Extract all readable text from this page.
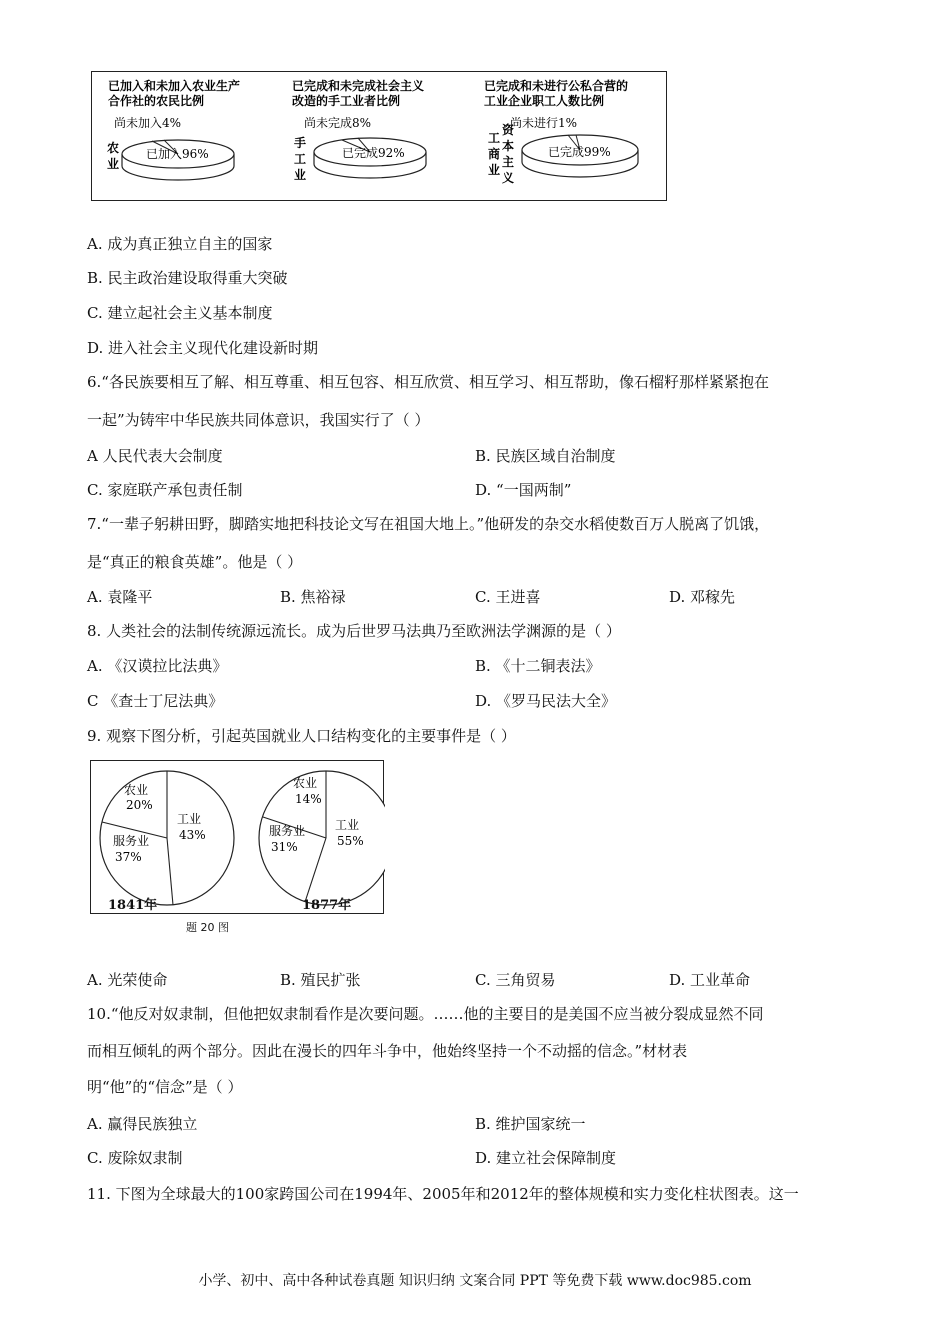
已加入和未加入农业生产
合作社的农民比例
尚未加入4%
农
业
已加入96%
已完成和未完成社会主义
改造的手工业者比例
尚未完成8%
手
工
业
已完成92%
已完成和未进行公私合营的
工业企业职工人数比例
尚未进行1%
工
商
业
资
本
主
义
已完成99%
A. 成为真正独立自主的国家
B. 民主政治建设取得重大突破
C. 建立起社会主义基本制度
D. 进入社会主义现代化建设新时期
6.“各民族要相互了解、相互尊重、相互包容、相互欣赏、相互学习、相互帮助，像石榴籽那样紧紧抱在
一起”为铸牢中华民族共同体意识，我国实行了（ ）
A 人民代表大会制度	B. 民族区域自治制度
C. 家庭联产承包责任制	D. “一国两制”
7.“一辈子躬耕田野，脚踏实地把科技论文写在祖国大地上。”他研发的杂交水稻使数百万人脱离了饥饿，
是“真正的粮食英雄”。他是（ ）
A. 袁隆平	B. 焦裕禄	C. 王进喜	D. 邓稼先
8. 人类社会的法制传统源远流长。成为后世罗马法典乃至欧洲法学渊源的是（ ）
A. 《汉谟拉比法典》	B. 《十二铜表法》
C 《查士丁尼法典》	D. 《罗马民法大全》
9. 观察下图分析，引起英国就业人口结构变化的主要事件是（ ）
农业
20%
工业
43%
服务业
37%
农业
14%
工业
55%
服务业
31%
1841年	1877年
题 20 图
A. 光荣使命	B. 殖民扩张	C. 三角贸易	D. 工业革命
10.“他反对奴隶制，但他把奴隶制看作是次要问题。……他的主要目的是美国不应当被分裂成显然不同
而相互倾轧的两个部分。因此在漫长的四年斗争中，他始终坚持一个不动摇的信念。”材材表
明“他”的“信念”是（ ）
A. 赢得民族独立	B. 维护国家统一
C. 废除奴隶制	D. 建立社会保障制度
11. 下图为全球最大的100家跨国公司在1994年、2005年和2012年的整体规模和实力变化柱状图表。这一
小学、初中、高中各种试卷真题 知识归纳 文案合同 PPT 等免费下载 www.doc985.com
